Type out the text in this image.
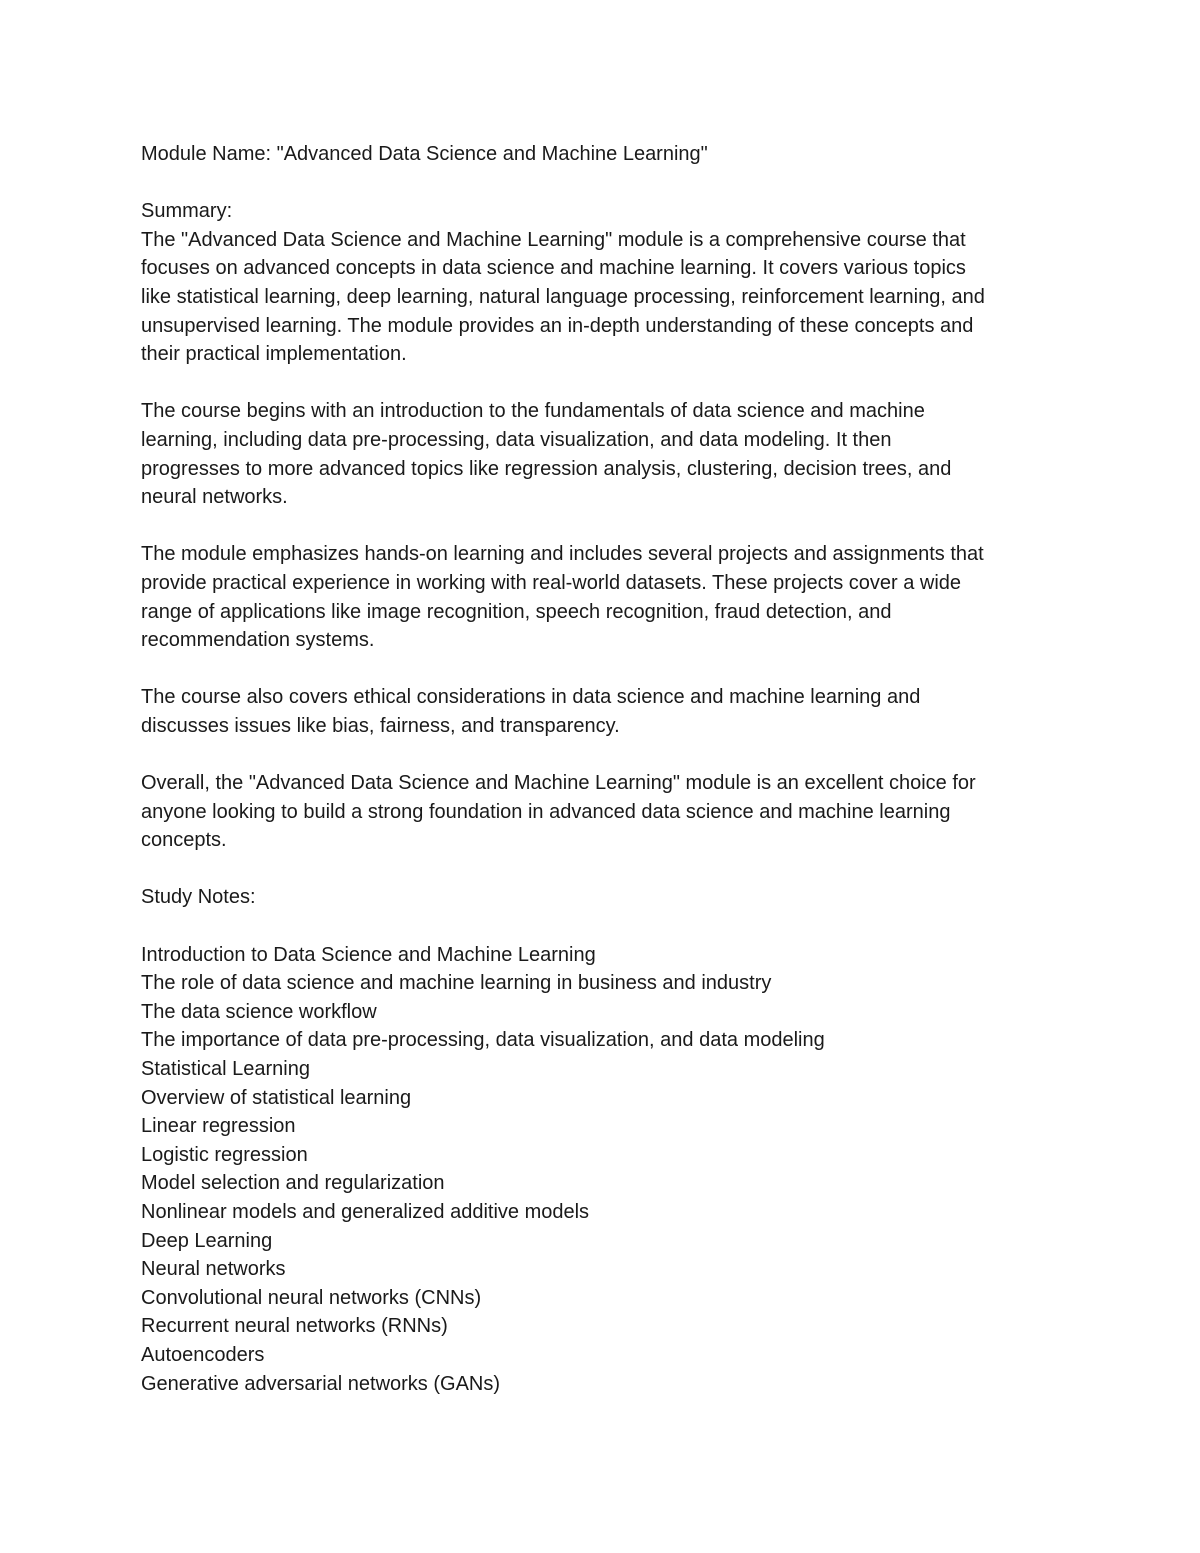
Module Name: "Advanced Data Science and Machine Learning"
Summary:

The "Advanced Data Science and Machine Learning" module is a comprehensive course that
focuses on advanced concepts in data science and machine learning. It covers various topics
like statistical learning, deep learning, natural language processing, reinforcement learning, and
unsupervised learning. The module provides an in-depth understanding of these concepts and
their practical implementation.

The course begins with an introduction to the fundamentals of data science and machine
learning, including data pre-processing, data visualization, and data modeling. It then
progresses to more advanced topics like regression analysis, clustering, decision trees, and
neural networks.

The module emphasizes hands-on learning and includes several projects and assignments that
provide practical experience in working with real-world datasets. These projects cover a wide
range of applications like image recognition, speech recognition, fraud detection, and
recommendation systems.

The course also covers ethical considerations in data science and machine learning and
discusses issues like bias, fairness, and transparency.

Overall, the "Advanced Data Science and Machine Learning" module is an excellent choice for
anyone looking to build a strong foundation in advanced data science and machine learning
concepts.

Study Notes:
Introduction to Data Science and Machine Learning
The role of data science and machine learning in business and industry
The data science workflow
The importance of data pre-processing, data visualization, and data modeling
Statistical Learning
Overview of statistical learning
Linear regression
Logistic regression
Model selection and regularization
Nonlinear models and generalized additive models
Deep Learning
Neural networks
Convolutional neural networks (CNNs)
Recurrent neural networks (RNNs)
Autoencoders
Generative adversarial networks (GANs)
